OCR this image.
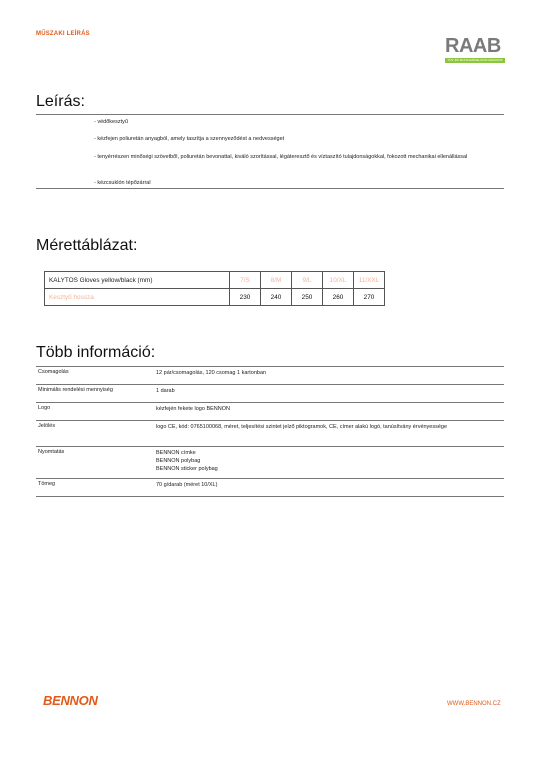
MŰSZAKI LEÍRÁS
RAAB
TÜV: ÉS MUNKAVÉDELMI RUHÁZATOK
Leírás:
- védőkesztyű
- kézfejen poliuretán anyagból, amely taszítja a szennyeződést a nedvességet
- tenyérrészen minőségi szövetből, poliuretán bevonattal, kiváló szorítással, légáteresztő és víztaszító tulajdonságokkal, fokozott mechanikai ellenállással
- kézcsuklón tépőzárral
Mérettáblázat:
KALYTOS Gloves yellow/black (mm)	7/S	8/M	9/L	10/XL	11/XXL
Kesztyű hossza	230	240	250	260	270
Több információ:
Csomagolás	12 pár/csomagolás, 120 csomag 1 kartonban
Minimális rendelési mennyiség	1 darab
Logo	kézfején fekete logo BENNON
Jelölés	logo CE, kód: 0765100068, méret, teljesítési szintet jelző piktogramok, CE, címer alakú logó, tanúsítvány érvényessége
Nyomtatás	BENNON címke
BENNON polybag
BENNON sticker polybag
Tömeg	70 g/darab (méret 10/XL)
BENNON	WWW.BENNON.CZ
